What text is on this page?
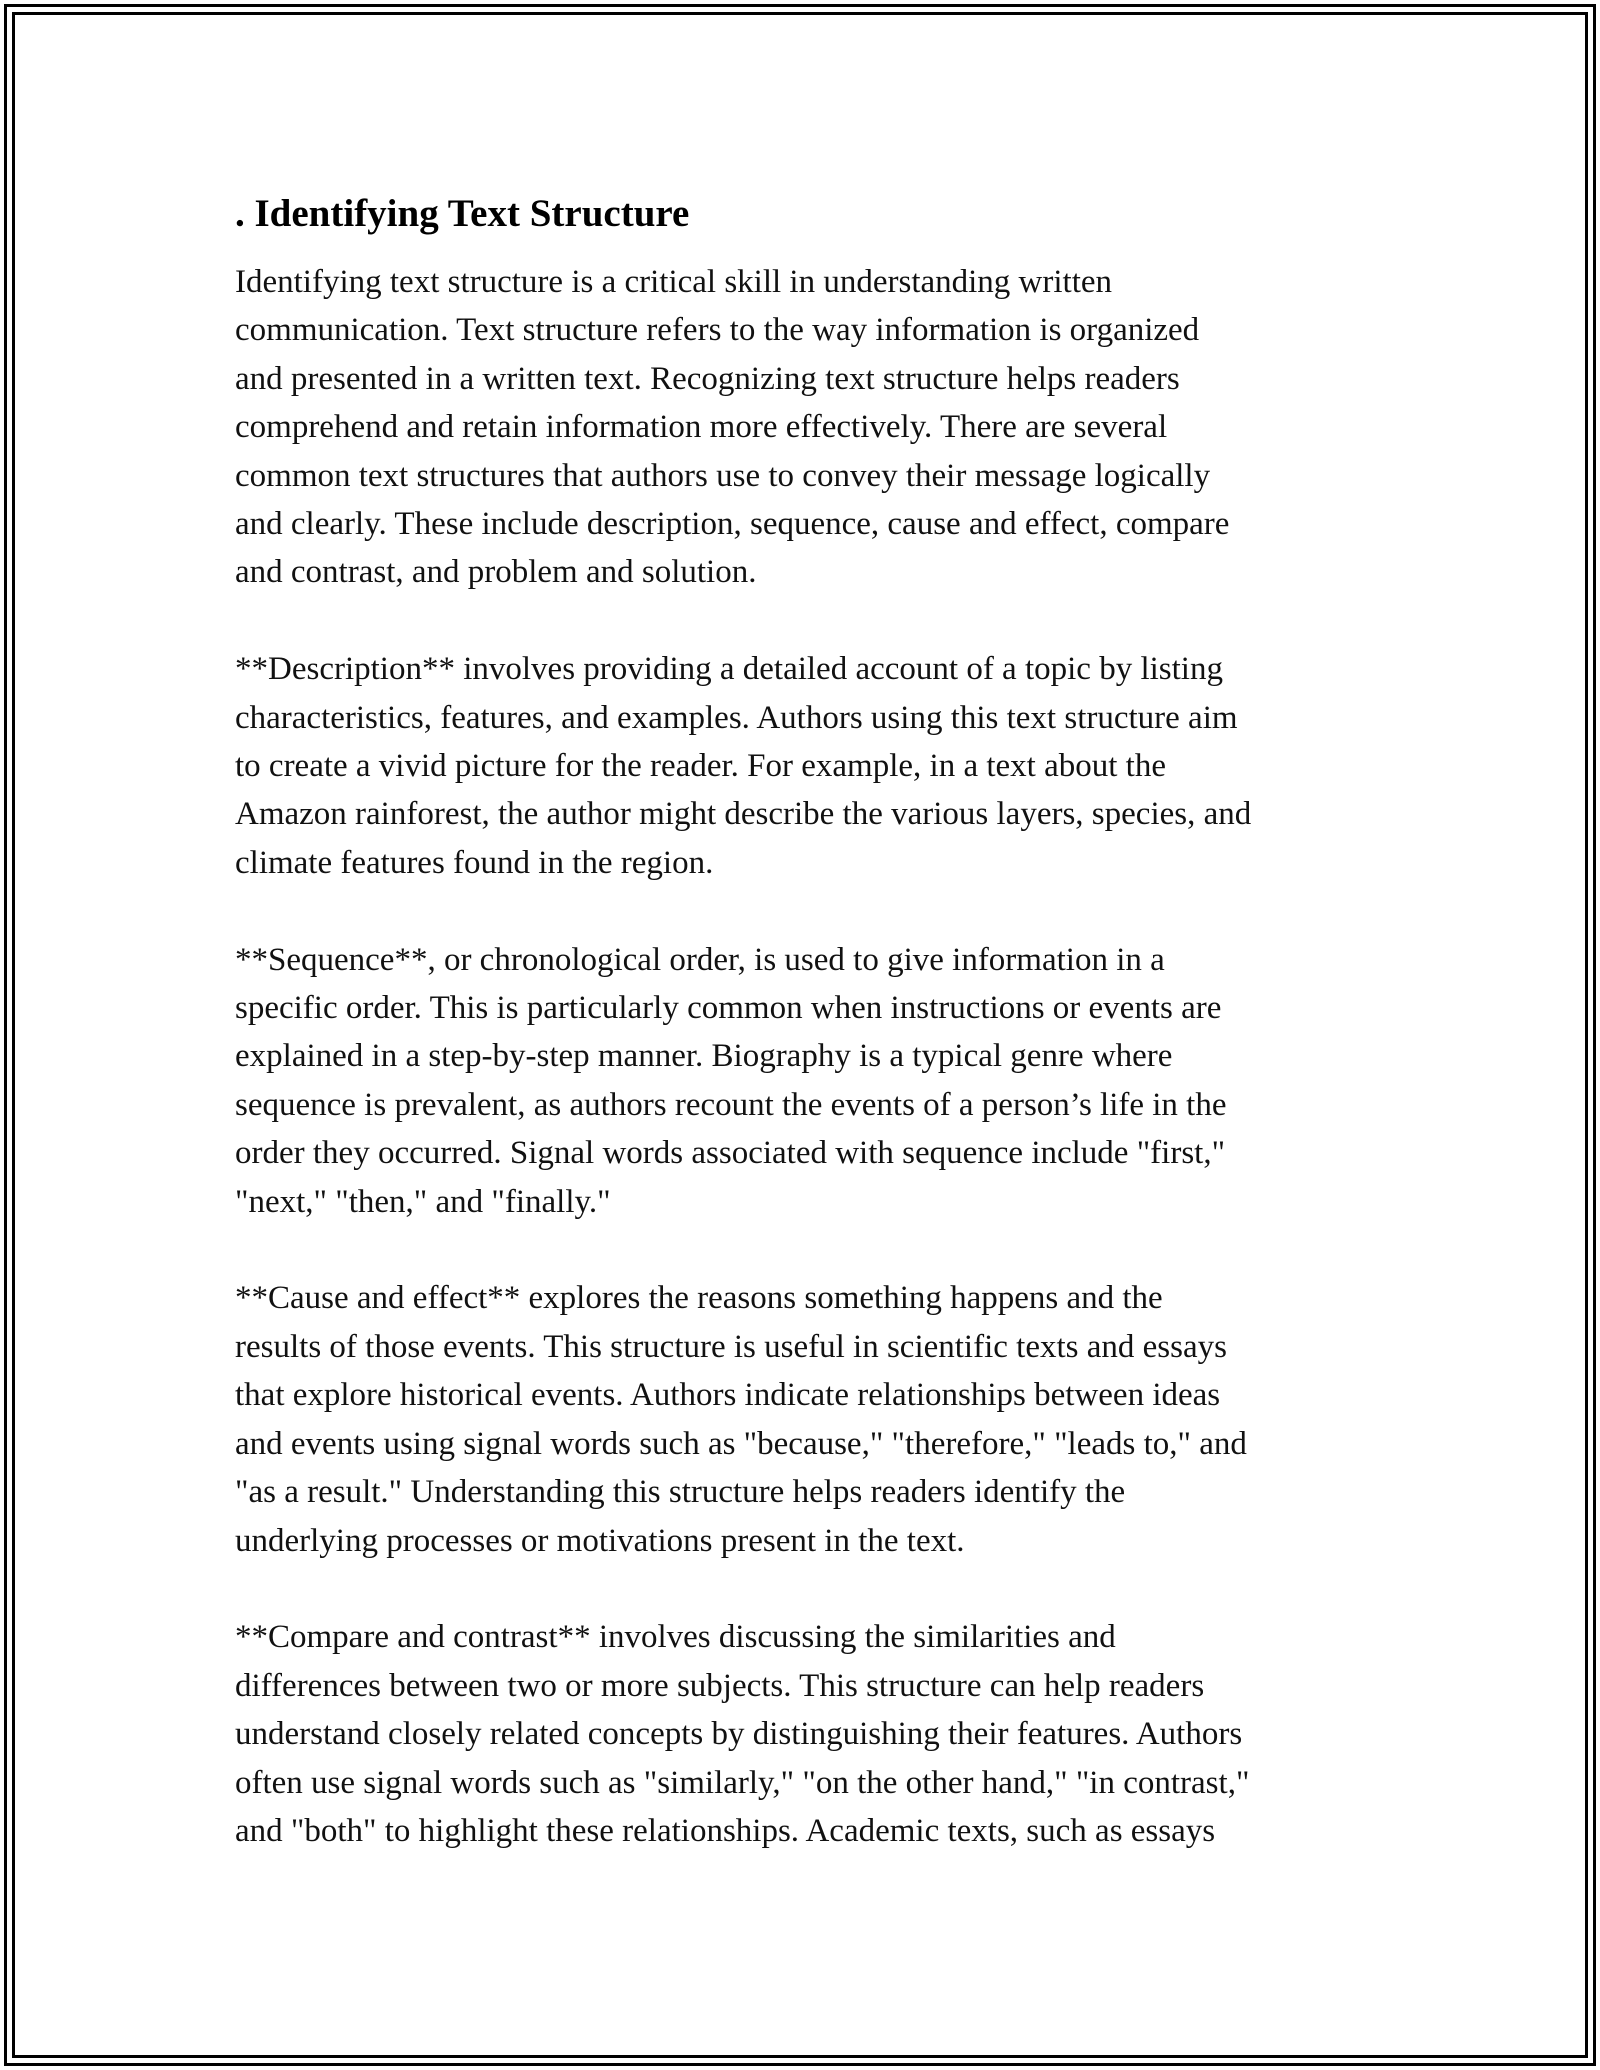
. Identifying Text Structure

Identifying text structure is a critical skill in understanding written
communication. Text structure refers to the way information is organized
and presented in a written text. Recognizing text structure helps readers
comprehend and retain information more effectively. There are several
common text structures that authors use to convey their message logically
and clearly. These include description, sequence, cause and effect, compare
and contrast, and problem and solution.

**Description** involves providing a detailed account of a topic by listing
characteristics, features, and examples. Authors using this text structure aim
to create a vivid picture for the reader. For example, in a text about the
Amazon rainforest, the author might describe the various layers, species, and
climate features found in the region.

**Sequence**, or chronological order, is used to give information in a
specific order. This is particularly common when instructions or events are
explained in a step-by-step manner. Biography is a typical genre where
sequence is prevalent, as authors recount the events of a person’s life in the
order they occurred. Signal words associated with sequence include "first,"
"next," "then," and "finally."

**Cause and effect** explores the reasons something happens and the
results of those events. This structure is useful in scientific texts and essays
that explore historical events. Authors indicate relationships between ideas
and events using signal words such as "because," "therefore," "leads to," and
"as a result." Understanding this structure helps readers identify the
underlying processes or motivations present in the text.

**Compare and contrast** involves discussing the similarities and
differences between two or more subjects. This structure can help readers
understand closely related concepts by distinguishing their features. Authors
often use signal words such as "similarly," "on the other hand," "in contrast,"
and "both" to highlight these relationships. Academic texts, such as essays
